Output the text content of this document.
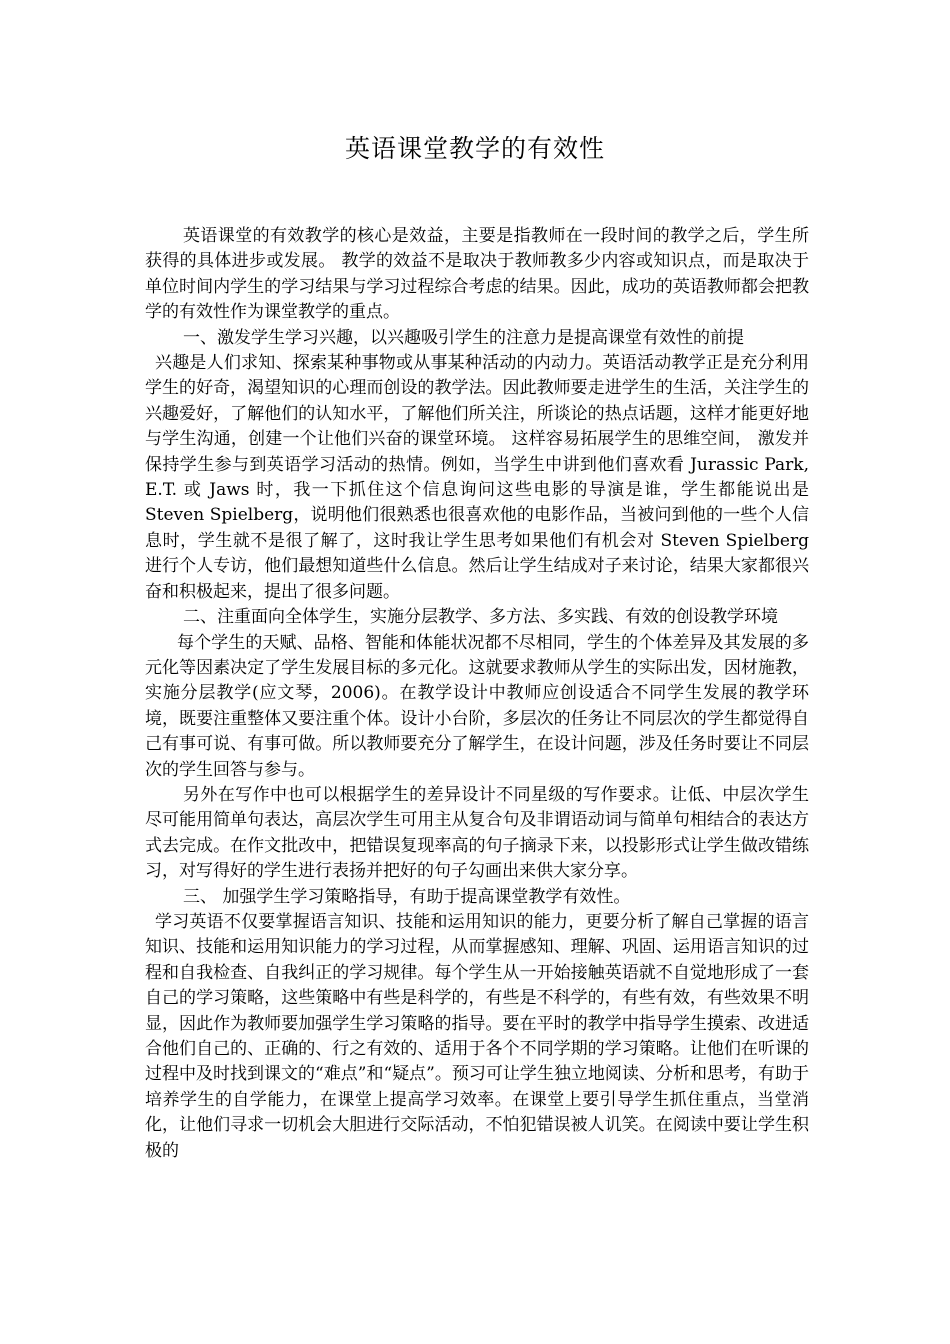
英语课堂教学的有效性

英语课堂的有效教学的核心是效益，主要是指教师在一段时间的教学之后，学生所获得的具体进步或发展。 教学的效益不是取决于教师教多少内容或知识点，而是取决于单位时间内学生的学习结果与学习过程综合考虑的结果。因此，成功的英语教师都会把教学的有效性作为课堂教学的重点。

一、激发学生学习兴趣，以兴趣吸引学生的注意力是提高课堂有效性的前提

兴趣是人们求知、探索某种事物或从事某种活动的内动力。英语活动教学正是充分利用学生的好奇，渴望知识的心理而创设的教学法。因此教师要走进学生的生活，关注学生的兴趣爱好，了解他们的认知水平，了解他们所关注，所谈论的热点话题，这样才能更好地与学生沟通，创建一个让他们兴奋的课堂环境。 这样容易拓展学生的思维空间， 激发并保持学生参与到英语学习活动的热情。例如，当学生中讲到他们喜欢看 Jurassic Park, E.T. 或 Jaws 时，我一下抓住这个信息询问这些电影的导演是谁，学生都能说出是 Steven Spielberg，说明他们很熟悉也很喜欢他的电影作品，当被问到他的一些个人信息时，学生就不是很了解了，这时我让学生思考如果他们有机会对 Steven Spielberg 进行个人专访，他们最想知道些什么信息。然后让学生结成对子来讨论，结果大家都很兴奋和积极起来，提出了很多问题。

二、注重面向全体学生，实施分层教学、多方法、多实践、有效的创设教学环境

每个学生的天赋、品格、智能和体能状况都不尽相同，学生的个体差异及其发展的多元化等因素决定了学生发展目标的多元化。这就要求教师从学生的实际出发，因材施教，实施分层教学(应文琴，2006)。在教学设计中教师应创设适合不同学生发展的教学环境，既要注重整体又要注重个体。设计小台阶，多层次的任务让不同层次的学生都觉得自己有事可说、有事可做。所以教师要充分了解学生，在设计问题，涉及任务时要让不同层次的学生回答与参与。

另外在写作中也可以根据学生的差异设计不同星级的写作要求。让低、中层次学生尽可能用简单句表达，高层次学生可用主从复合句及非谓语动词与简单句相结合的表达方式去完成。在作文批改中，把错误复现率高的句子摘录下来，以投影形式让学生做改错练习，对写得好的学生进行表扬并把好的句子勾画出来供大家分享。

三、 加强学生学习策略指导，有助于提高课堂教学有效性。

学习英语不仅要掌握语言知识、技能和运用知识的能力，更要分析了解自己掌握的语言知识、技能和运用知识能力的学习过程，从而掌握感知、理解、巩固、运用语言知识的过程和自我检查、自我纠正的学习规律。每个学生从一开始接触英语就不自觉地形成了一套自己的学习策略，这些策略中有些是科学的，有些是不科学的，有些有效，有些效果不明显，因此作为教师要加强学生学习策略的指导。要在平时的教学中指导学生摸索、改进适合他们自己的、正确的、行之有效的、适用于各个不同学期的学习策略。让他们在听课的过程中及时找到课文的“难点”和“疑点”。预习可让学生独立地阅读、分析和思考，有助于培养学生的自学能力，在课堂上提高学习效率。在课堂上要引导学生抓住重点，当堂消化，让他们寻求一切机会大胆进行交际活动，不怕犯错误被人讥笑。在阅读中要让学生积极的
